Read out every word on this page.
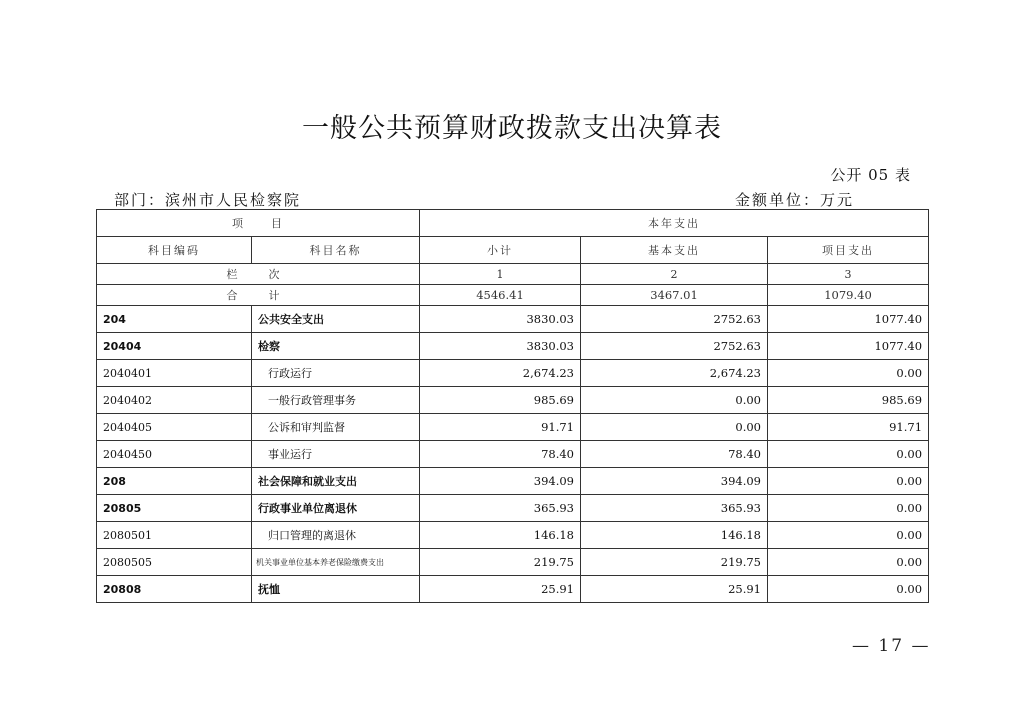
一般公共预算财政拨款支出决算表
公开 05 表
部门：滨州市人民检察院	金额单位：万元
项　　目		本年支出		
科目编码	科目名称	小计	基本支出	项目支出
栏　次		1	2	3
合　计		4546.41	3467.01	1079.40
204	公共安全支出	3830.03	2752.63	1077.40
20404	检察	3830.03	2752.63	1077.40
2040401	行政运行	2,674.23	2,674.23	0.00
2040402	一般行政管理事务	985.69	0.00	985.69
2040405	公诉和审判监督	91.71	0.00	91.71
2040450	事业运行	78.40	78.40	0.00
208	社会保障和就业支出	394.09	394.09	0.00
20805	行政事业单位离退休	365.93	365.93	0.00
2080501	归口管理的离退休	146.18	146.18	0.00
2080505	机关事业单位基本养老保险缴费支出	219.75	219.75	0.00
20808	抚恤	25.91	25.91	0.00
— 17 —
